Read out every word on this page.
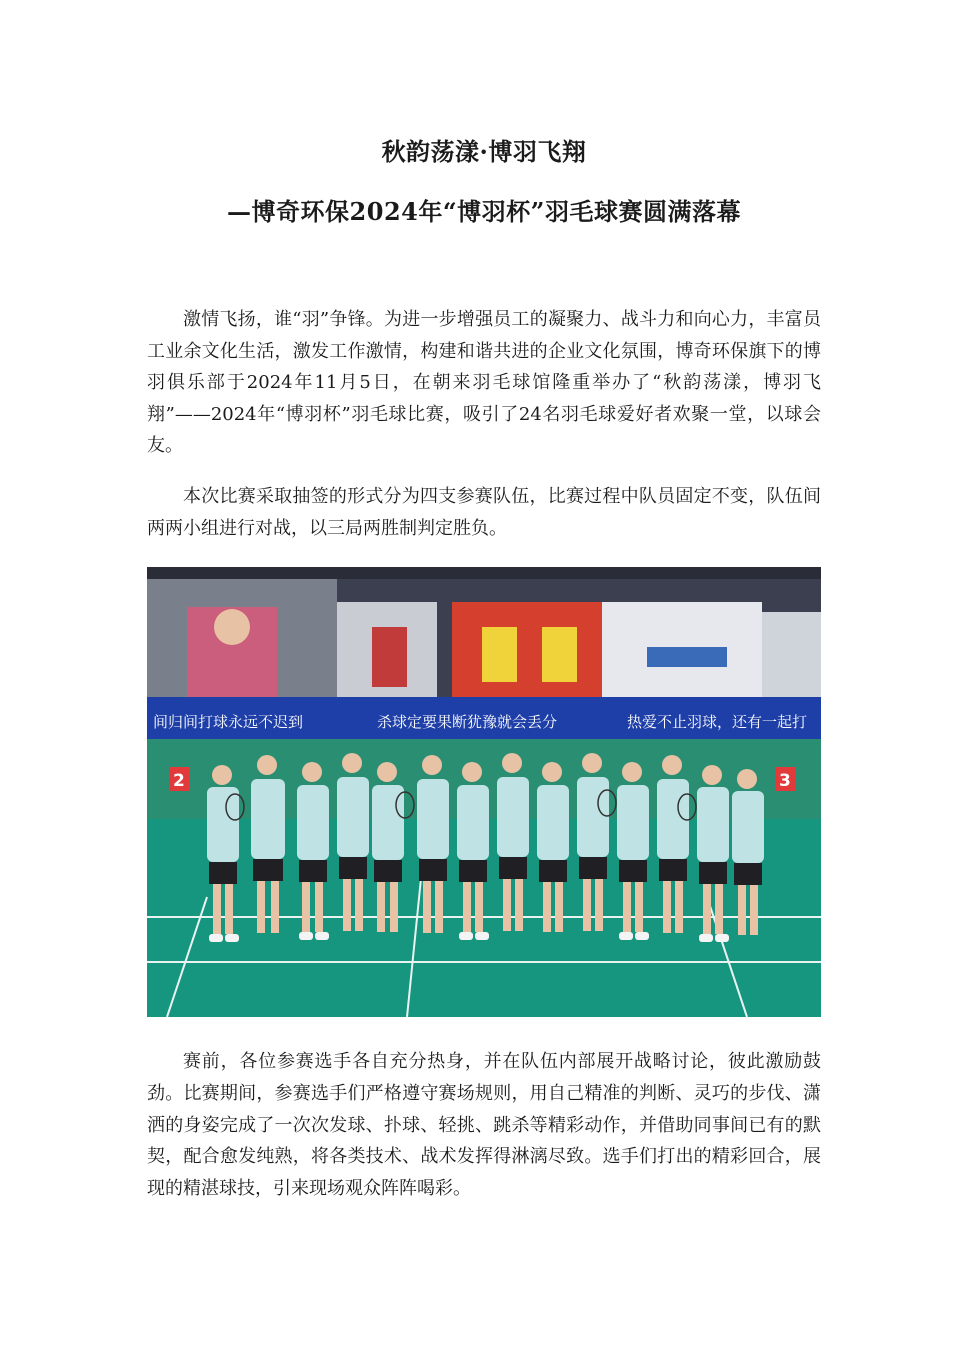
秋韵荡漾·博羽飞翔
—博奇环保2024年“博羽杯”羽毛球赛圆满落幕

激情飞扬，谁“羽”争锋。为进一步增强员工的凝聚力、战斗力和向心力，丰富员工业余文化生活，激发工作激情，构建和谐共进的企业文化氛围，博奇环保旗下的博羽俱乐部于2024年11月5日，在朝来羽毛球馆隆重举办了“秋韵荡漾，博羽飞翔”——2024年“博羽杯”羽毛球比赛，吸引了24名羽毛球爱好者欢聚一堂，以球会友。

本次比赛采取抽签的形式分为四支参赛队伍，比赛过程中队员固定不变，队伍间两两小组进行对战，以三局两胜制判定胜负。

间归间打球永远不迟到	杀球定要果断犹豫就会丢分	热爱不止羽球，还有一起打
2	3

赛前，各位参赛选手各自充分热身，并在队伍内部展开战略讨论，彼此激励鼓劲。比赛期间，参赛选手们严格遵守赛场规则，用自己精准的判断、灵巧的步伐、潇洒的身姿完成了一次次发球、扑球、轻挑、跳杀等精彩动作，并借助同事间已有的默契，配合愈发纯熟，将各类技术、战术发挥得淋漓尽致。选手们打出的精彩回合，展现的精湛球技，引来现场观众阵阵喝彩。
